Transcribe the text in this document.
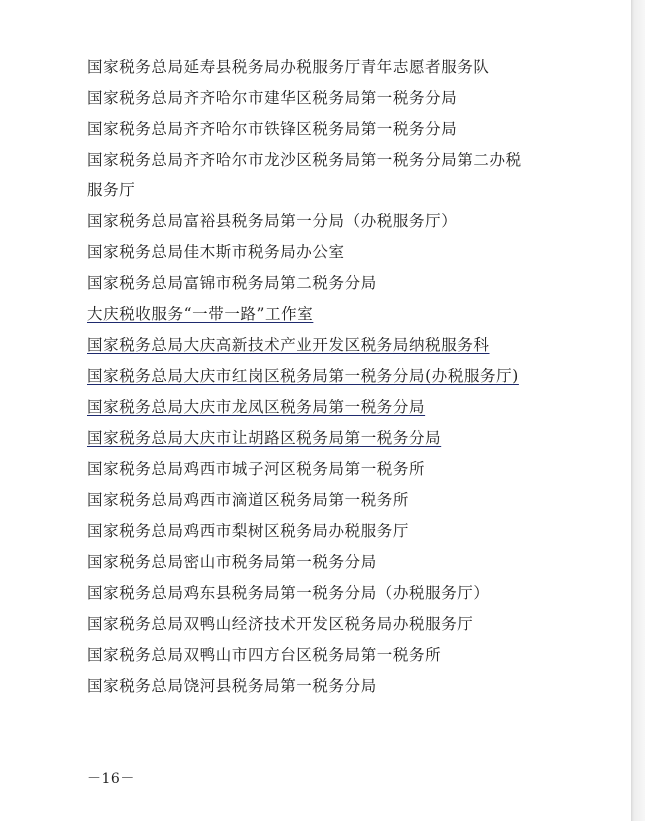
国家税务总局延寿县税务局办税服务厅青年志愿者服务队
国家税务总局齐齐哈尔市建华区税务局第一税务分局
国家税务总局齐齐哈尔市铁锋区税务局第一税务分局
国家税务总局齐齐哈尔市龙沙区税务局第一税务分局第二办税
服务厅
国家税务总局富裕县税务局第一分局（办税服务厅）
国家税务总局佳木斯市税务局办公室
国家税务总局富锦市税务局第二税务分局
大庆税收服务“一带一路”工作室
国家税务总局大庆高新技术产业开发区税务局纳税服务科
国家税务总局大庆市红岗区税务局第一税务分局(办税服务厅)
国家税务总局大庆市龙凤区税务局第一税务分局
国家税务总局大庆市让胡路区税务局第一税务分局
国家税务总局鸡西市城子河区税务局第一税务所
国家税务总局鸡西市滴道区税务局第一税务所
国家税务总局鸡西市梨树区税务局办税服务厅
国家税务总局密山市税务局第一税务分局
国家税务总局鸡东县税务局第一税务分局（办税服务厅）
国家税务总局双鸭山经济技术开发区税务局办税服务厅
国家税务总局双鸭山市四方台区税务局第一税务所
国家税务总局饶河县税务局第一税务分局
－16－
